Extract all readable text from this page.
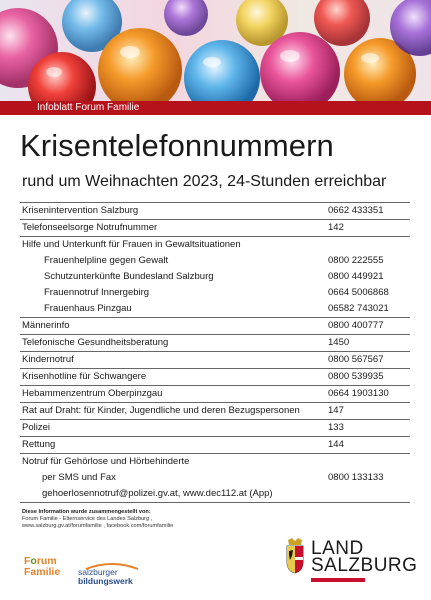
Infoblatt Forum Familie
Krisentelefonnummern
rund um Weihnachten 2023, 24-Stunden erreichbar
Krisenintervention Salzburg	0662 433351
Telefonseelsorge Notrufnummer	142
Hilfe und Unterkunft für Frauen in Gewaltsituationen
Frauenhelpline gegen Gewalt	0800 222555
Schutzunterkünfte Bundesland Salzburg	0800 449921
Frauennotruf Innergebirg	0664 5006868
Frauenhaus Pinzgau	06582 743021
Männerinfo	0800 400777
Telefonische Gesundheitsberatung	1450
Kindernotruf	0800 567567
Krisenhotline für Schwangere	0800 539935
Hebammenzentrum Oberpinzgau	0664 1903130
Rat auf Draht: für Kinder, Jugendliche und deren Bezugspersonen	147
Polizei	133
Rettung	144
Notruf für Gehörlose und Hörbehinderte
per SMS und Fax	0800 133133
gehoerlosennotruf@polizei.gv.at, www.dec112.at (App)
Diese Information wurde zusammengestellt von:
Forum Familie - Elternservice des Landes Salzburg ,
www.salzburg.gv.at/forumfamilie , facebook.com/forumfamilie
Forum
Familie	salzburger
bildungswerk
LAND
SALZBURG
